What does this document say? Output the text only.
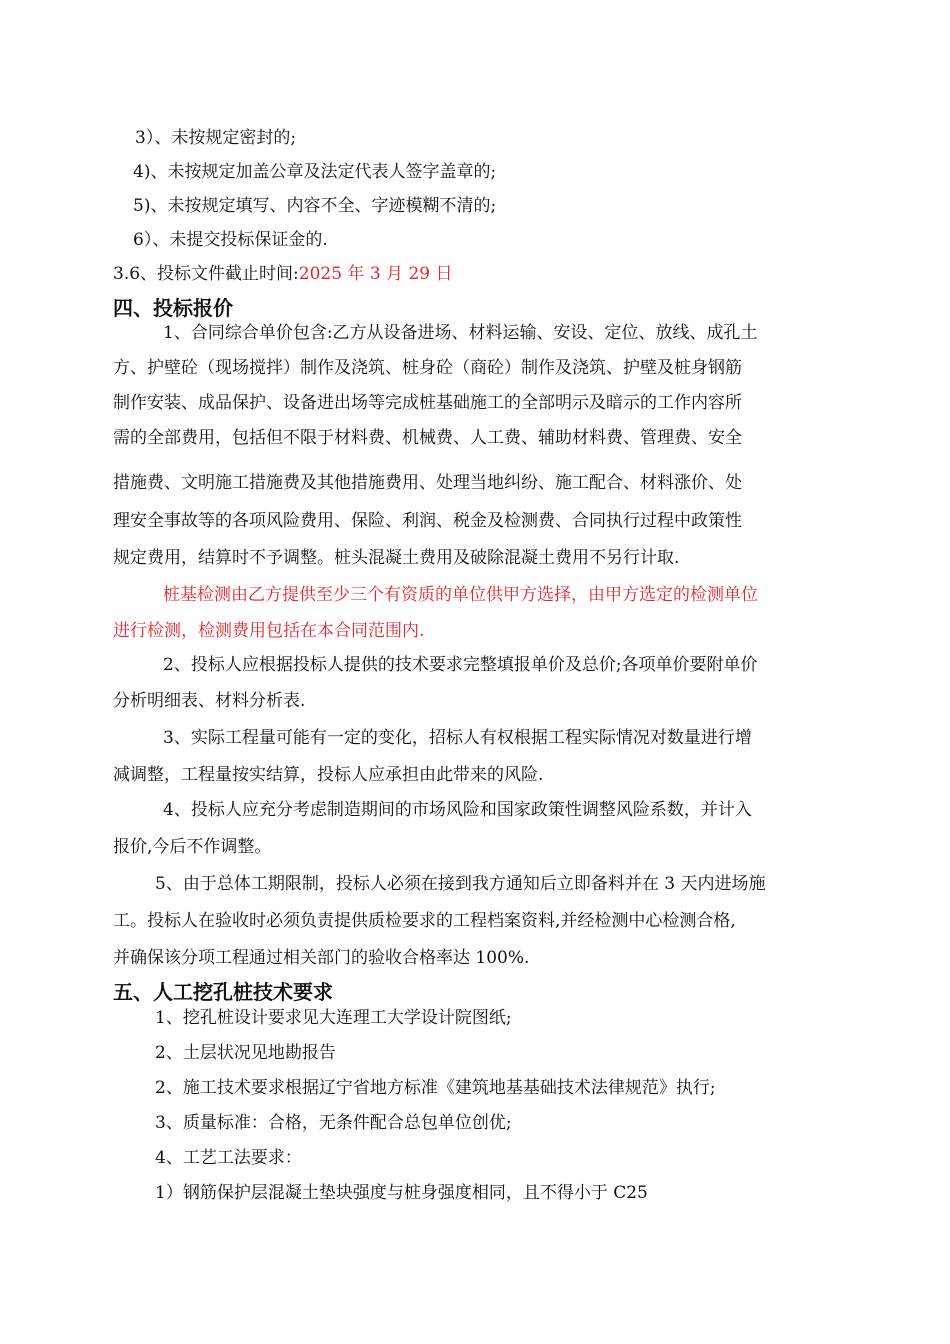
3）、未按规定密封的;
4)、未按规定加盖公章及法定代表人签字盖章的;
5)、未按规定填写、内容不全、字迹模糊不清的;
6）、未提交投标保证金的.
3.6、投标文件截止时间:2025 年 3 月 29 日
四、投标报价
1、合同综合单价包含:乙方从设备进场、材料运输、安设、定位、放线、成孔土
方、护壁砼（现场搅拌）制作及浇筑、桩身砼（商砼）制作及浇筑、护壁及桩身钢筋
制作安装、成品保护、设备进出场等完成桩基础施工的全部明示及暗示的工作内容所
需的全部费用，包括但不限于材料费、机械费、人工费、辅助材料费、管理费、安全
措施费、文明施工措施费及其他措施费用、处理当地纠纷、施工配合、材料涨价、处
理安全事故等的各项风险费用、保险、利润、税金及检测费、合同执行过程中政策性
规定费用，结算时不予调整。桩头混凝土费用及破除混凝土费用不另行计取.
桩基检测由乙方提供至少三个有资质的单位供甲方选择，由甲方选定的检测单位
进行检测，检测费用包括在本合同范围内.
2、投标人应根据投标人提供的技术要求完整填报单价及总价;各项单价要附单价
分析明细表、材料分析表.
3、实际工程量可能有一定的变化，招标人有权根据工程实际情况对数量进行增
减调整，工程量按实结算，投标人应承担由此带来的风险.
4、投标人应充分考虑制造期间的市场风险和国家政策性调整风险系数，并计入
报价,今后不作调整。
5、由于总体工期限制，投标人必须在接到我方通知后立即备料并在 3 天内进场施
工。投标人在验收时必须负责提供质检要求的工程档案资料,并经检测中心检测合格,
并确保该分项工程通过相关部门的验收合格率达 100%.
五、人工挖孔桩技术要求
1、挖孔桩设计要求见大连理工大学设计院图纸;
2、土层状况见地勘报告
2、施工技术要求根据辽宁省地方标准《建筑地基基础技术法律规范》执行;
3、质量标准：合格，无条件配合总包单位创优;
4、工艺工法要求：
1）钢筋保护层混凝土垫块强度与桩身强度相同，且不得小于 C25
